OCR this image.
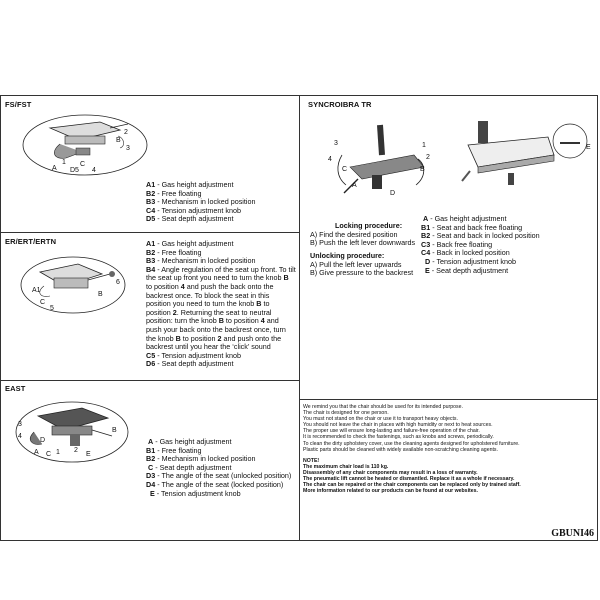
FS/FST
2
3
B
A
1
D5
C
4
A1 - Gas height adjustment
B2 - Free floating
B3 - Mechanism in locked position
C4 - Tension adjustment knob
D5 - Seat depth adjustment
ER/ERT/ERTN
A1
C
5
B
6
A1 - Gas height adjustment
B2 - Free floating
B3 - Mechanism in locked position
B4 - Angle regulation of the seat up front. To tilt the seat up front you need to turn the knob B to position 4 and push the back onto the backrest once. To block the seat in this position you need to turn the knob B to position 2. Returning the seat to neutral position: turn the knob B to position 4 and push your back onto the backrest once, turn the knob B to position 2 and push onto the backrest until you hear the ‘click’ sound
C5 - Tension adjustment knob
D6 - Seat depth adjustment
EAST
3
4
A C 1 2
D
E
B
A - Gas height adjustment
B1 - Free floating
B2 - Mechanism in locked position
C - Seat depth adjustment
D3 - The angle of the seat (unlocked position)
D4 - The angle of the seat (locked position)
E - Tension adjustment knob
SYNCROIBRA TR
3
C
4
A
1
2
B
D
E
A - Gas height adjustment
B1 - Seat and back free floating
B2 - Seat and back in locked position
C3 - Back free floating
C4 - Back in locked position
D - Tension adjustment knob
E - Seat depth adjustment
Locking procedure:
A) Find the desired position
B) Push the left lever downwards
Unlocking procedure:
A) Pull the left lever upwards
B) Give pressure to the backrest
We remind you that the chair should be used for its intended purpose.
The chair is designed for one person.
You must not stand on the chair or use it to transport heavy objects.
You should not leave the chair in places with high humidity or next to heat sources.
The proper use will ensure long-lasting and failure-free operation of the chair.
It is recommended to check the fastenings, such as knobs and screws, periodically.
To clean the dirty upholstery cover, use the cleaning agents designed for upholstered furniture.
Plastic parts should be cleaned with widely available non-scratching cleaning agents.
NOTE!
The maximum chair load is 110 kg.
Disassembly of any chair components may result in a loss of warranty.
The pneumatic lift cannot be heated or dismantled. Replace it as a whole if necessary.
The chair can be repaired or the chair components can be replaced only by trained staff.
More information related to our products can be found at our websites.
GBUNI46
